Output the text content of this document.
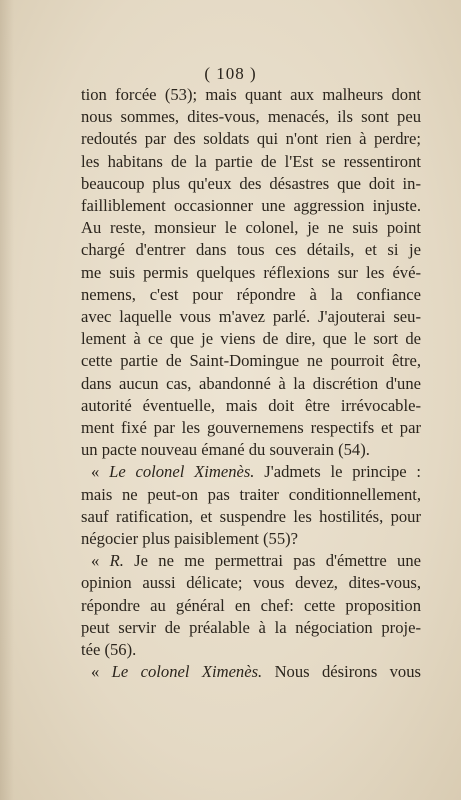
( 108 )
tion forcée (53); mais quant aux malheurs dont
nous sommes, dites-vous, menacés, ils sont peu
redoutés par des soldats qui n'ont rien à perdre;
les habitans de la partie de l'Est se ressentiront
beaucoup plus qu'eux des désastres que doit in-
failliblement occasionner une aggression injuste.
Au reste, monsieur le colonel, je ne suis point
chargé d'entrer dans tous ces détails, et si je
me suis permis quelques réflexions sur les évé-
nemens, c'est pour répondre à la confiance
avec laquelle vous m'avez parlé. J'ajouterai seu-
lement à ce que je viens de dire, que le sort de
cette partie de Saint-Domingue ne pourroit être,
dans aucun cas, abandonné à la discrétion d'une
autorité éventuelle, mais doit être irrévocable-
ment fixé par les gouvernemens respectifs et par
un pacte nouveau émané du souverain (54).
« Le colonel Ximenès. J'admets le principe :
mais ne peut-on pas traiter conditionnellement,
sauf ratification, et suspendre les hostilités, pour
négocier plus paisiblement (55)?
« R. Je ne me permettrai pas d'émettre une
opinion aussi délicate; vous devez, dites-vous,
répondre au général en chef: cette proposition
peut servir de préalable à la négociation proje-
tée (56).
« Le colonel Ximenès. Nous désirons vous
